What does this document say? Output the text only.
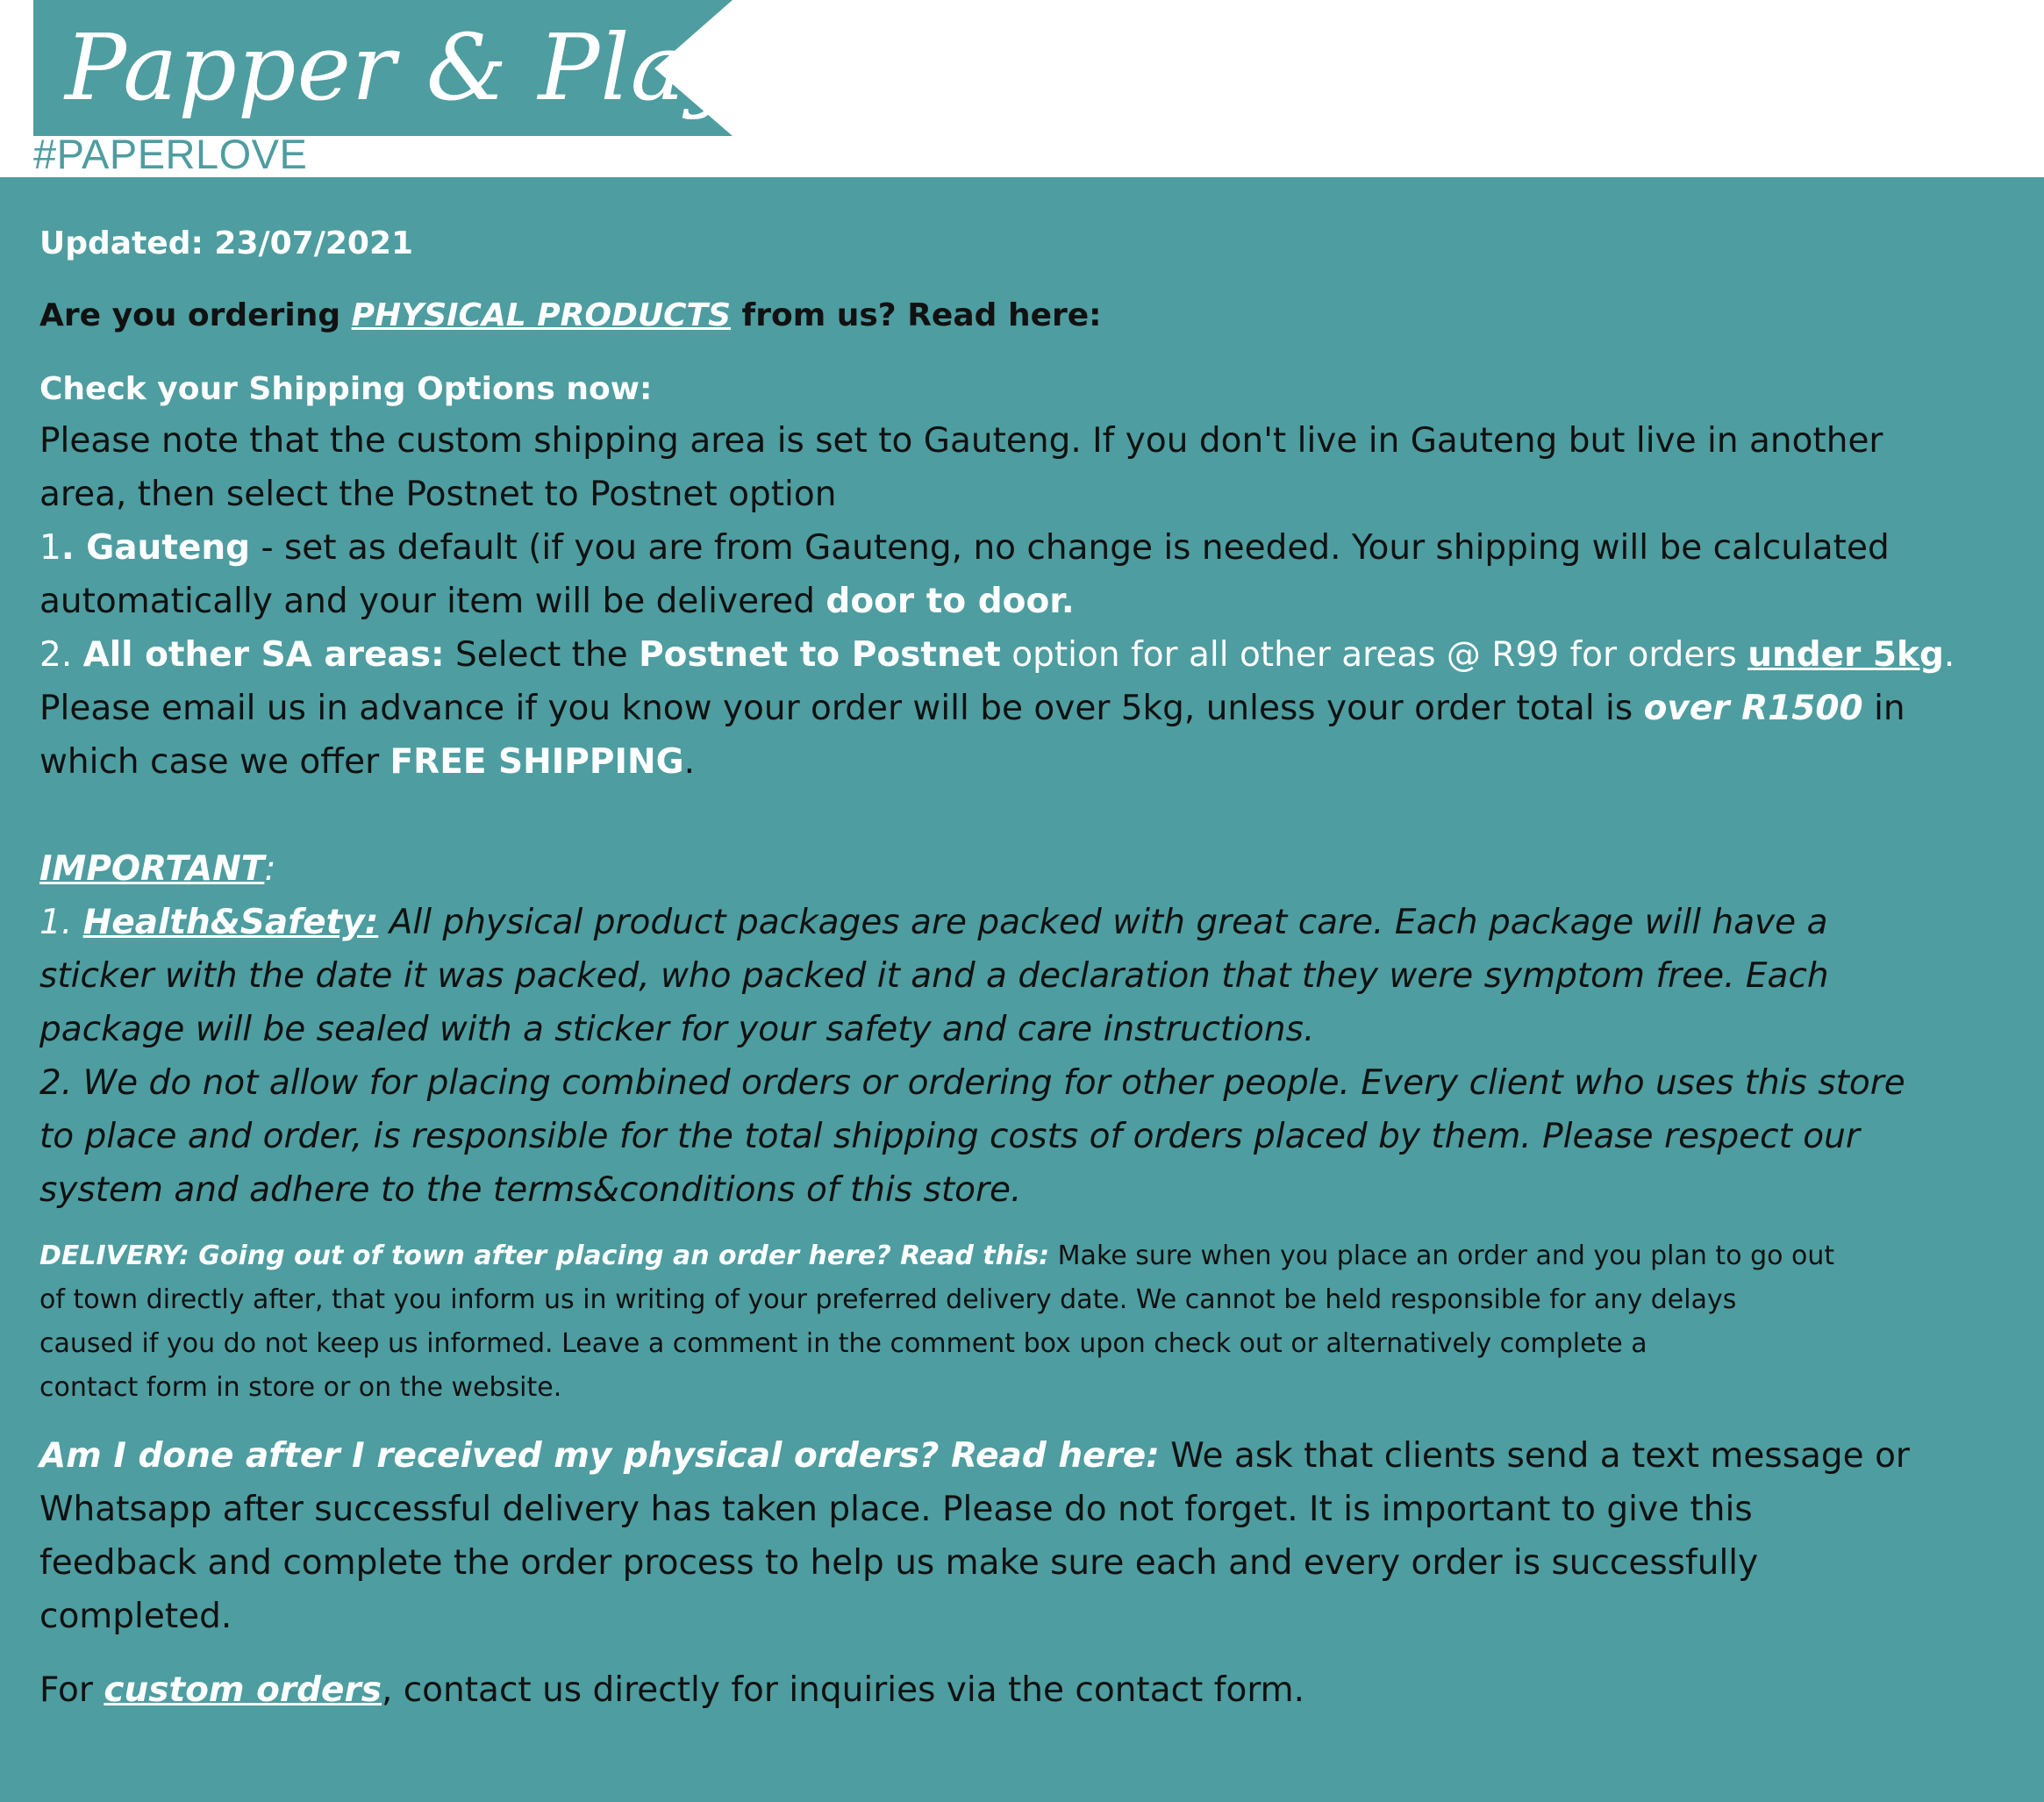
Papper & Play
#PAPERLOVE
Updated: 23/07/2021
Are you ordering PHYSICAL PRODUCTS from us? Read here:
Check your Shipping Options now:
Please note that the custom shipping area is set to Gauteng. If you don't live in Gauteng but live in another
area, then select the Postnet to Postnet option
1. Gauteng - set as default (if you are from Gauteng, no change is needed. Your shipping will be calculated
automatically and your item will be delivered door to door.
2. All other SA areas: Select the Postnet to Postnet option for all other areas @ R99 for orders under 5kg.
Please email us in advance if you know your order will be over 5kg, unless your order total is over R1500 in
which case we offer FREE SHIPPING.
IMPORTANT:
1. Health&Safety: All physical product packages are packed with great care. Each package will have a
sticker with the date it was packed, who packed it and a declaration that they were symptom free. Each
package will be sealed with a sticker for your safety and care instructions.
2. We do not allow for placing combined orders or ordering for other people. Every client who uses this store
to place and order, is responsible for the total shipping costs of orders placed by them. Please respect our
system and adhere to the terms&conditions of this store.
DELIVERY: Going out of town after placing an order here? Read this: Make sure when you place an order and you plan to go out
of town directly after, that you inform us in writing of your preferred delivery date. We cannot be held responsible for any delays
caused if you do not keep us informed. Leave a comment in the comment box upon check out or alternatively complete a
contact form in store or on the website.
Am I done after I received my physical orders? Read here: We ask that clients send a text message or
Whatsapp after successful delivery has taken place. Please do not forget. It is important to give this
feedback and complete the order process to help us make sure each and every order is successfully
completed.
For custom orders, contact us directly for inquiries via the contact form.
